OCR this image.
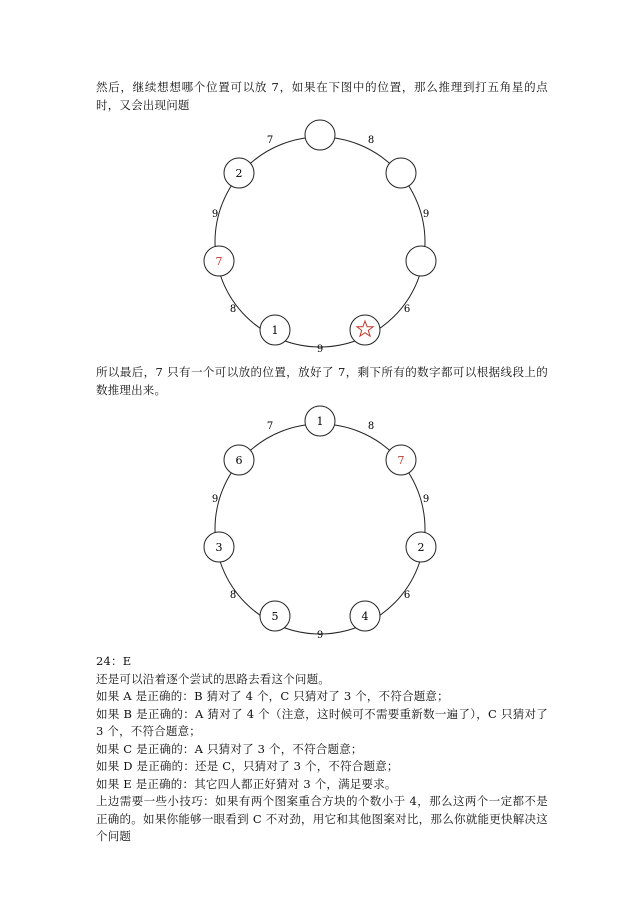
然后，继续想想哪个位置可以放 7，如果在下图中的位置，那么推理到打五角星的点时，又会出现问题

1
7
2
8
9
6
9
8
9
7

所以最后，7 只有一个可以放的位置，放好了 7，剩下所有的数字都可以根据线段上的数推理出来。

1
7
2
4
5
3
6
8
9
6
9
8
9
7
24：E
还是可以沿着逐个尝试的思路去看这个问题。
如果 A 是正确的：B 猜对了 4 个，C 只猜对了 3 个，不符合题意；
如果 B 是正确的：A 猜对了 4 个（注意，这时候可不需要重新数一遍了），C 只猜对了 3 个，不符合题意；
如果 C 是正确的：A 只猜对了 3 个，不符合题意；
如果 D 是正确的：还是 C，只猜对了 3 个，不符合题意；
如果 E 是正确的：其它四人都正好猜对 3 个，满足要求。
上边需要一些小技巧：如果有两个图案重合方块的个数小于 4，那么这两个一定都不是正确的。如果你能够一眼看到 C 不对劲，用它和其他图案对比，那么你就能更快解决这个问题
